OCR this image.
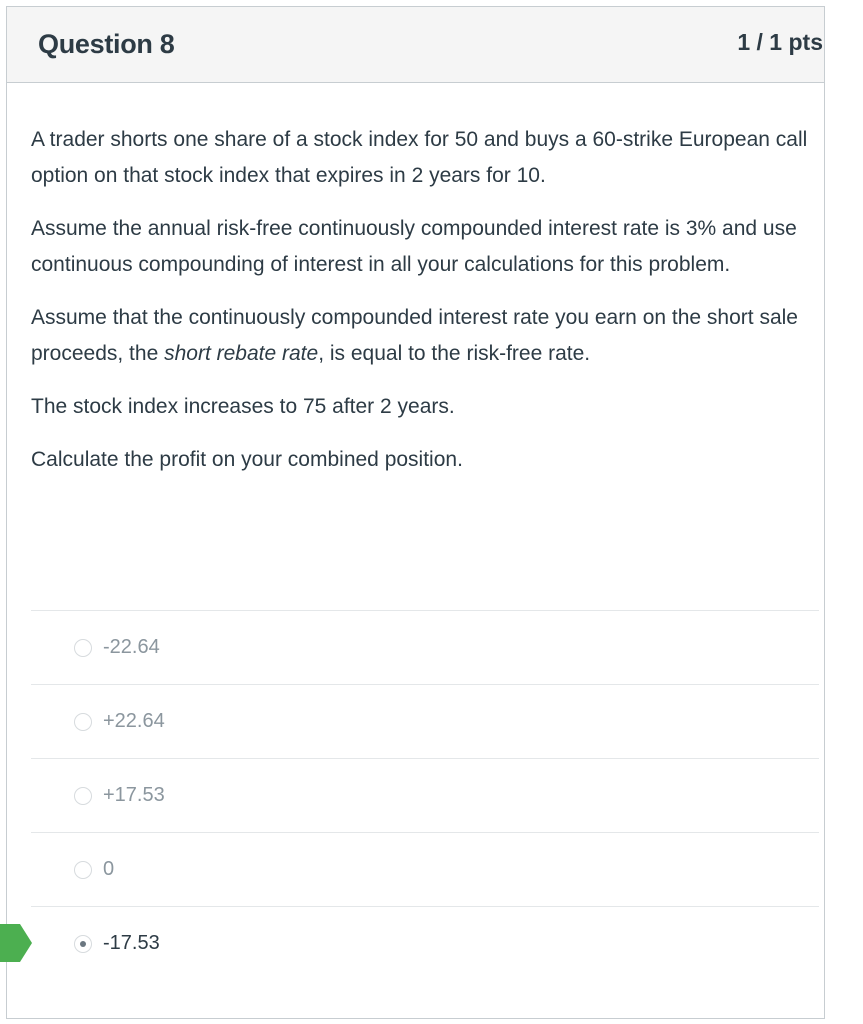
Question 8	1 / 1 pts

A trader shorts one share of a stock index for 50 and buys a 60-strike European call option on that stock index that expires in 2 years for 10.

Assume the annual risk-free continuously compounded interest rate is 3% and use continuous compounding of interest in all your calculations for this problem.

Assume that the continuously compounded interest rate you earn on the short sale proceeds, the short rebate rate, is equal to the risk-free rate.

The stock index increases to 75 after 2 years.

Calculate the profit on your combined position.

-22.64
+22.64
+17.53
0
-17.53
